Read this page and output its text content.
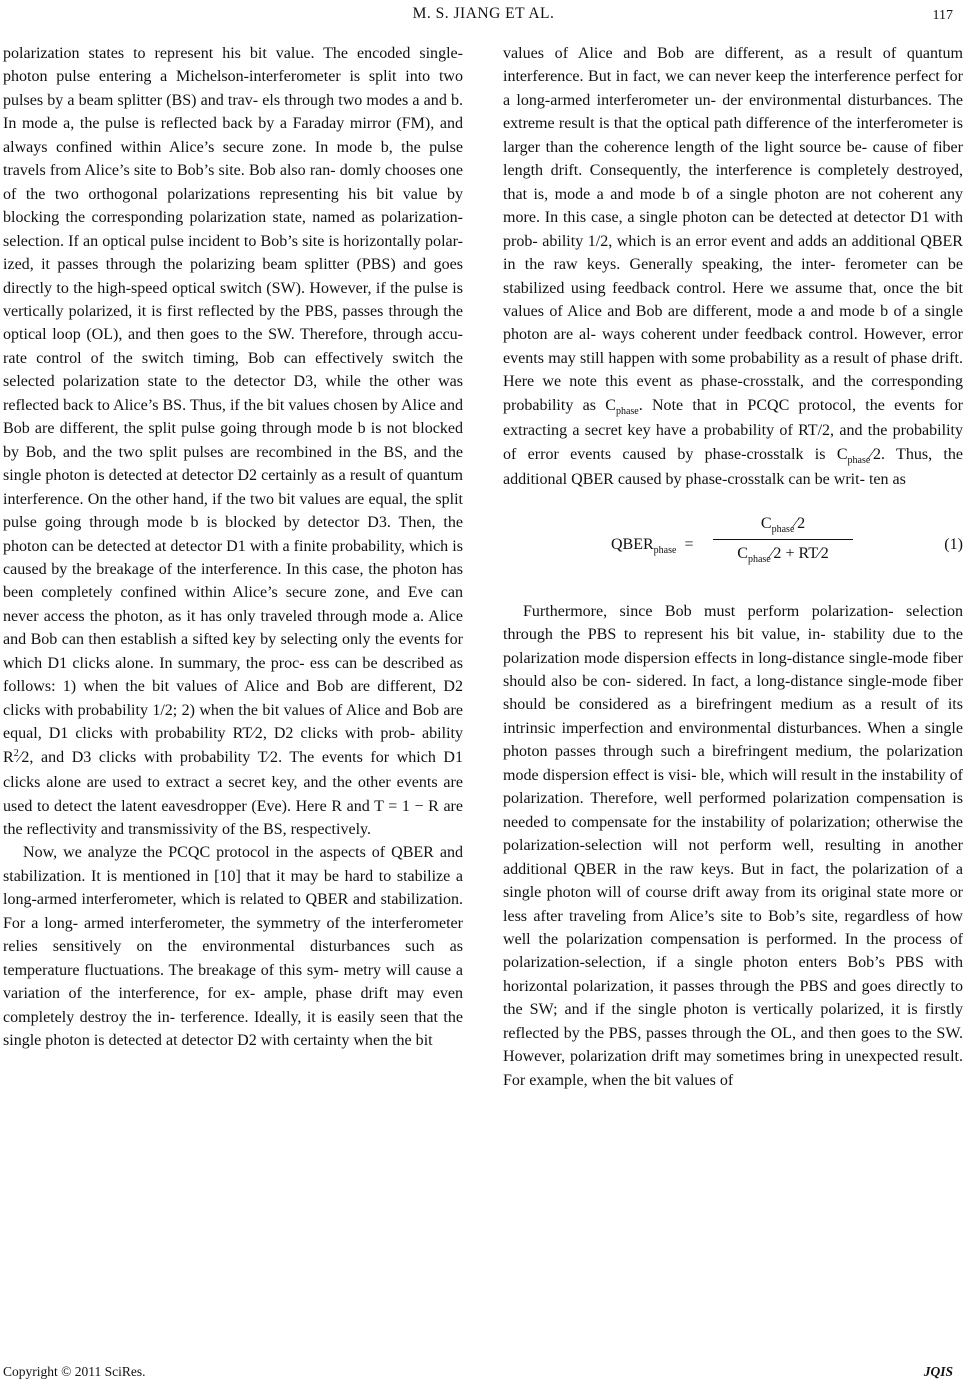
M. S. JIANG ET AL.	117

polarization states to represent his bit value. The encoded single-photon pulse entering a Michelson-interferometer is split into two pulses by a beam splitter (BS) and trav- els through two modes a and b. In mode a, the pulse is reflected back by a Faraday mirror (FM), and always confined within Alice’s secure zone. In mode b, the pulse travels from Alice’s site to Bob’s site. Bob also ran- domly chooses one of the two orthogonal polarizations representing his bit value by blocking the corresponding polarization state, named as polarization-selection. If an optical pulse incident to Bob’s site is horizontally polar- ized, it passes through the polarizing beam splitter (PBS) and goes directly to the high-speed optical switch (SW). However, if the pulse is vertically polarized, it is first reflected by the PBS, passes through the optical loop (OL), and then goes to the SW. Therefore, through accu- rate control of the switch timing, Bob can effectively switch the selected polarization state to the detector D3, while the other was reflected back to Alice’s BS. Thus, if the bit values chosen by Alice and Bob are different, the split pulse going through mode b is not blocked by Bob, and the two split pulses are recombined in the BS, and the single photon is detected at detector D2 certainly as a result of quantum interference. On the other hand, if the two bit values are equal, the split pulse going through mode b is blocked by detector D3. Then, the photon can be detected at detector D1 with a finite probability, which is caused by the breakage of the interference. In this case, the photon has been completely confined within Alice’s secure zone, and Eve can never access the photon, as it has only traveled through mode a. Alice and Bob can then establish a sifted key by selecting only the events for which D1 clicks alone. In summary, the proc- ess can be described as follows: 1) when the bit values of Alice and Bob are different, D2 clicks with probability 1/2; 2) when the bit values of Alice and Bob are equal, D1 clicks with probability RT⁄2, D2 clicks with prob- ability $R^2⁄2$, and D3 clicks with probability T⁄2. The events for which D1 clicks alone are used to extract a secret key, and the other events are used to detect the latent eavesdropper (Eve). Here R and T = 1 − R are the reflectivity and transmissivity of the BS, respectively.

Now, we analyze the PCQC protocol in the aspects of QBER and stabilization. It is mentioned in [10] that it may be hard to stabilize a long-armed interferometer, which is related to QBER and stabilization. For a long- armed interferometer, the symmetry of the interferometer relies sensitively on the environmental disturbances such as temperature fluctuations. The breakage of this sym- metry will cause a variation of the interference, for ex- ample, phase drift may even completely destroy the in- terference. Ideally, it is easily seen that the single photon is detected at detector D2 with certainty when the bit

values of Alice and Bob are different, as a result of quantum interference. But in fact, we can never keep the interference perfect for a long-armed interferometer un- der environmental disturbances. The extreme result is that the optical path difference of the interferometer is larger than the coherence length of the light source be- cause of fiber length drift. Consequently, the interference is completely destroyed, that is, mode a and mode b of a single photon are not coherent any more. In this case, a single photon can be detected at detector D1 with prob- ability 1/2, which is an error event and adds an additional QBER in the raw keys. Generally speaking, the inter- ferometer can be stabilized using feedback control. Here we assume that, once the bit values of Alice and Bob are different, mode a and mode b of a single photon are al- ways coherent under feedback control. However, error events may still happen with some probability as a result of phase drift. Here we note this event as phase-crosstalk, and the corresponding probability as $C_{phase}$. Note that in PCQC protocol, the events for extracting a secret key have a probability of RT/2, and the probability of error events caused by phase-crosstalk is $C_{phase}⁄2$. Thus, the additional QBER caused by phase-crosstalk can be writ- ten as

$QBER_{phase}$ =
$C_{phase}⁄2$
$C_{phase}⁄2$ + RT⁄2
(1)

Furthermore, since Bob must perform polarization- selection through the PBS to represent his bit value, in- stability due to the polarization mode dispersion effects in long-distance single-mode fiber should also be con- sidered. In fact, a long-distance single-mode fiber should be considered as a birefringent medium as a result of its intrinsic imperfection and environmental disturbances. When a single photon passes through such a birefringent medium, the polarization mode dispersion effect is visi- ble, which will result in the instability of polarization. Therefore, well performed polarization compensation is needed to compensate for the instability of polarization; otherwise the polarization-selection will not perform well, resulting in another additional QBER in the raw keys. But in fact, the polarization of a single photon will of course drift away from its original state more or less after traveling from Alice’s site to Bob’s site, regardless of how well the polarization compensation is performed. In the process of polarization-selection, if a single photon enters Bob’s PBS with horizontal polarization, it passes through the PBS and goes directly to the SW; and if the single photon is vertically polarized, it is firstly reflected by the PBS, passes through the OL, and then goes to the SW. However, polarization drift may sometimes bring in unexpected result. For example, when the bit values of

Copyright © 2011 SciRes.	JQIS
